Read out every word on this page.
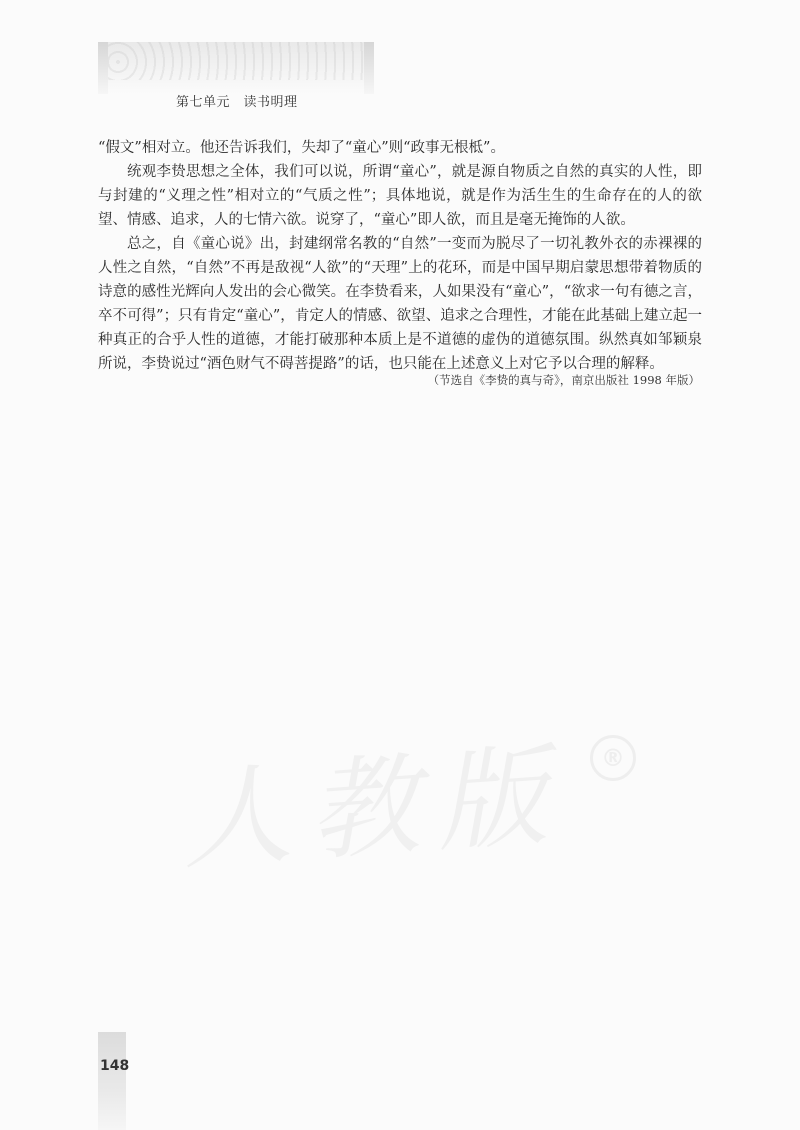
第七单元　读书明理

“假文”相对立。他还告诉我们，失却了“童心”则“政事无根柢”。

统观李贽思想之全体，我们可以说，所谓“童心”，就是源自物质之自然的真实的人性，即与封建的“义理之性”相对立的“气质之性”；具体地说，就是作为活生生的生命存在的人的欲望、情感、追求，人的七情六欲。说穿了，“童心”即人欲，而且是毫无掩饰的人欲。

总之，自《童心说》出，封建纲常名教的“自然”一变而为脱尽了一切礼教外衣的赤裸裸的人性之自然，“自然”不再是敌视“人欲”的“天理”上的花环，而是中国早期启蒙思想带着物质的诗意的感性光辉向人发出的会心微笑。在李贽看来，人如果没有“童心”，“欲求一句有德之言，卒不可得”；只有肯定“童心”，肯定人的情感、欲望、追求之合理性，才能在此基础上建立起一种真正的合乎人性的道德，才能打破那种本质上是不道德的虚伪的道德氛围。纵然真如邹颖泉所说，李贽说过“酒色财气不碍菩提路”的话，也只能在上述意义上对它予以合理的解释。

（节选自《李贽的真与奇》，南京出版社 1998 年版）
®
148
